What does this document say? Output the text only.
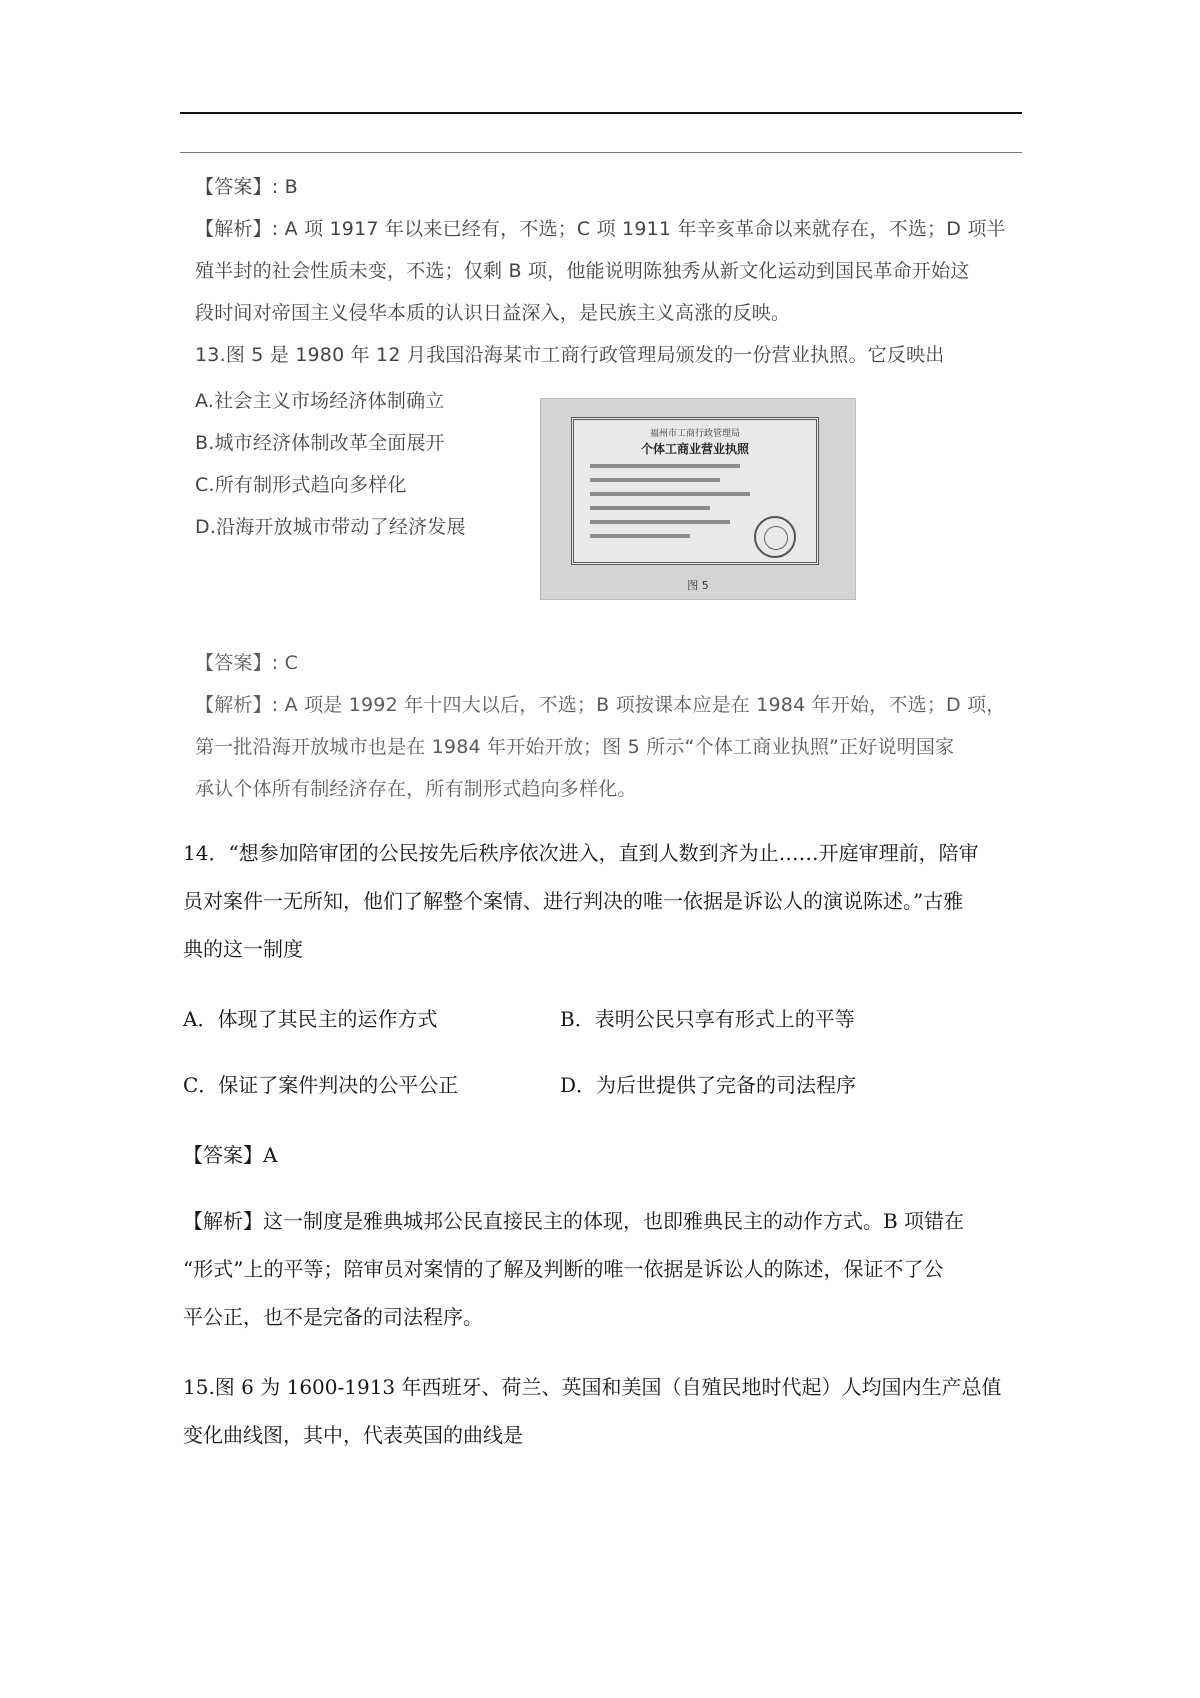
【答案】: B
【解析】: A 项 1917 年以来已经有，不选；C 项 1911 年辛亥革命以来就存在，不选；D 项半
殖半封的社会性质未变，不选；仅剩 B 项，他能说明陈独秀从新文化运动到国民革命开始这
段时间对帝国主义侵华本质的认识日益深入，是民族主义高涨的反映。
13.图 5 是 1980 年 12 月我国沿海某市工商行政管理局颁发的一份营业执照。它反映出
A.社会主义市场经济体制确立
B.城市经济体制改革全面展开
C.所有制形式趋向多样化
D.沿海开放城市带动了经济发展
福州市工商行政管理局
个体工商业营业执照
图 5
【答案】: C
【解析】: A 项是 1992 年十四大以后，不选；B 项按课本应是在 1984 年开始，不选；D 项，
第一批沿海开放城市也是在 1984 年开始开放；图 5 所示“个体工商业执照”正好说明国家
承认个体所有制经济存在，所有制形式趋向多样化。
14．“想参加陪审团的公民按先后秩序依次进入，直到人数到齐为止……开庭审理前，陪审
员对案件一无所知，他们了解整个案情、进行判决的唯一依据是诉讼人的演说陈述。”古雅
典的这一制度
A．体现了其民主的运作方式	B．表明公民只享有形式上的平等
C．保证了案件判决的公平公正	D．为后世提供了完备的司法程序
【答案】A
【解析】这一制度是雅典城邦公民直接民主的体现，也即雅典民主的动作方式。B 项错在
“形式”上的平等；陪审员对案情的了解及判断的唯一依据是诉讼人的陈述，保证不了公
平公正，也不是完备的司法程序。
15.图 6 为 1600-1913 年西班牙、荷兰、英国和美国（自殖民地时代起）人均国内生产总值
变化曲线图，其中，代表英国的曲线是
